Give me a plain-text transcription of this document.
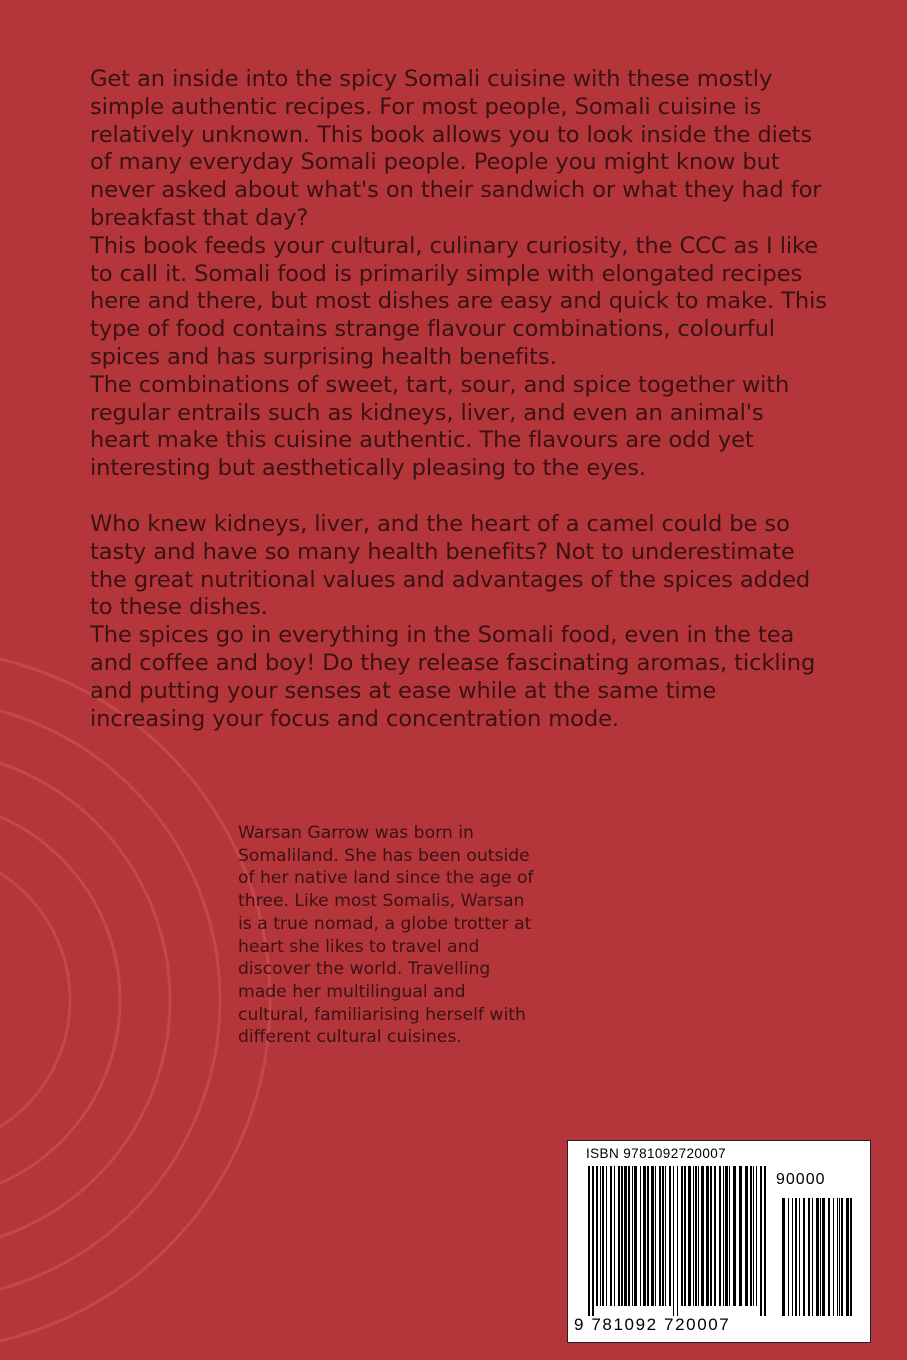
Get an inside into the spicy Somali cuisine with these mostly simple authentic recipes. For most people, Somali cuisine is relatively unknown. This book allows you to look inside the diets of many everyday Somali people. People you might know but never asked about what's on their sandwich or what they had for breakfast that day?

This book feeds your cultural, culinary curiosity, the CCC as I like to call it. Somali food is primarily simple with elongated recipes here and there, but most dishes are easy and quick to make. This type of food contains strange flavour combinations, colourful spices and has surprising health benefits.

The combinations of sweet, tart, sour, and spice together with regular entrails such as kidneys, liver, and even an animal's heart make this cuisine authentic. The flavours are odd yet interesting but aesthetically pleasing to the eyes.

Who knew kidneys, liver, and the heart of a camel could be so tasty and have so many health benefits? Not to underestimate the great nutritional values and advantages of the spices added to these dishes.

The spices go in everything in the Somali food, even in the tea and coffee and boy! Do they release fascinating aromas, tickling and putting your senses at ease while at the same time increasing your focus and concentration mode.

Warsan Garrow was born in Somaliland. She has been outside of her native land since the age of three. Like most Somalis, Warsan is a true nomad, a globe trotter at heart she likes to travel and discover the world. Travelling made her multilingual and cultural, familiarising herself with different cultural cuisines.
ISBN 9781092720007
9 781092 720007
90000
